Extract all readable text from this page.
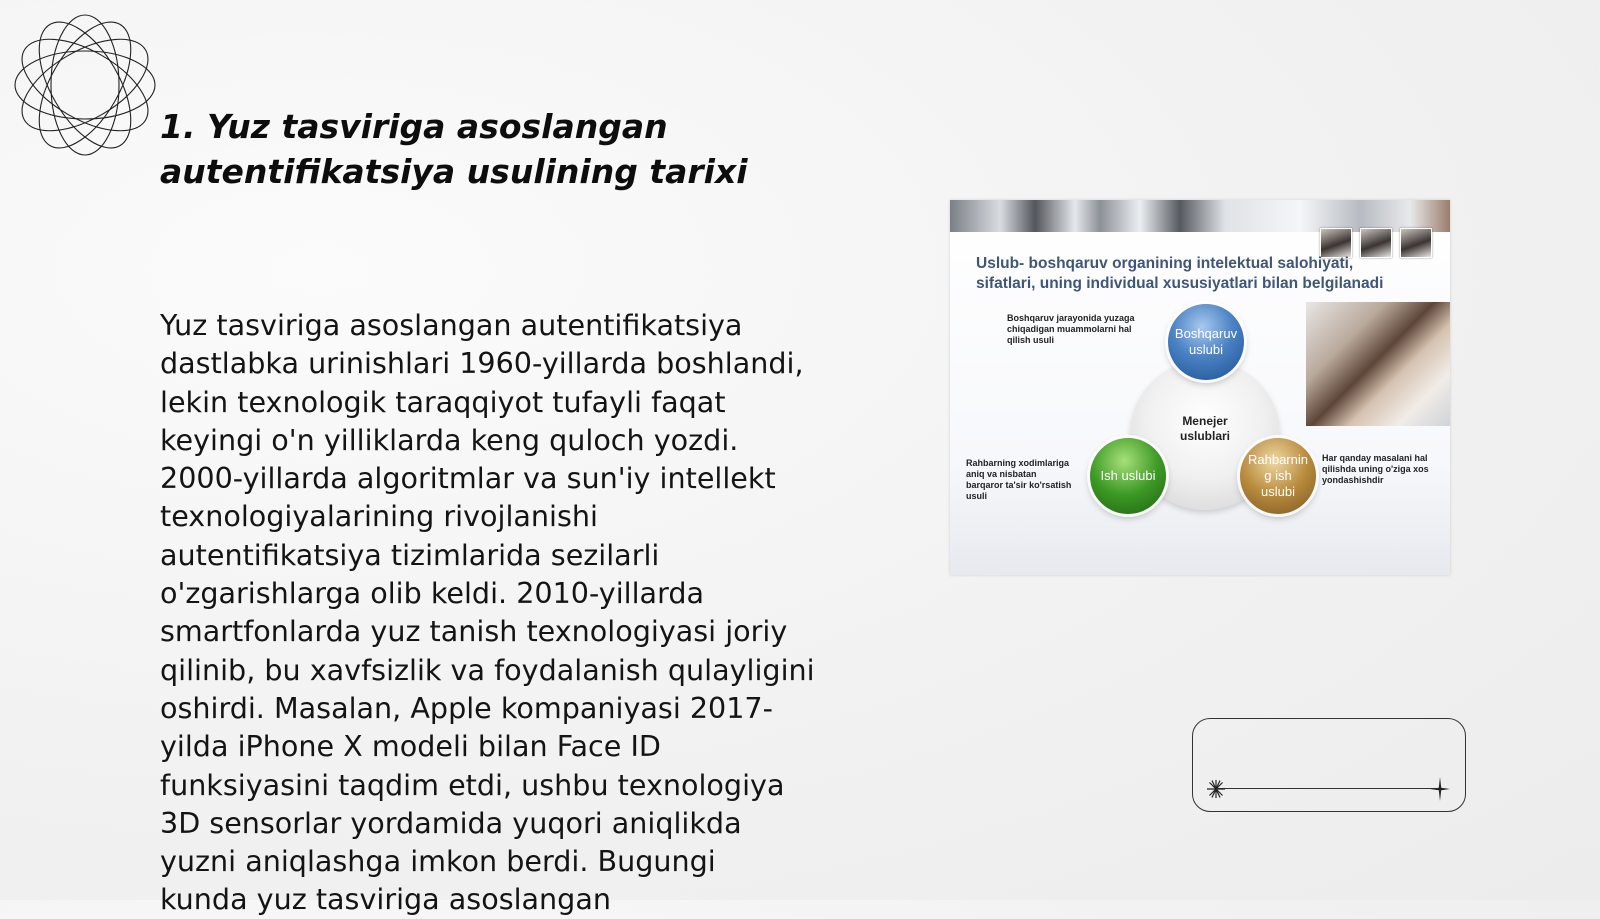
1. Yuz tasviriga asoslangan
autentifikatsiya usulining tarixi

Yuz tasviriga asoslangan autentifikatsiya
dastlabka urinishlari 1960-yillarda boshlandi,
lekin texnologik taraqqiyot tufayli faqat
keyingi o'n yilliklarda keng quloch yozdi.
2000-yillarda algoritmlar va sun'iy intellekt
texnologiyalarining rivojlanishi
autentifikatsiya tizimlarida sezilarli
o'zgarishlarga olib keldi. 2010-yillarda
smartfonlarda yuz tanish texnologiyasi joriy
qilinib, bu xavfsizlik va foydalanish qulayligini
oshirdi. Masalan, Apple kompaniyasi 2017-
yilda iPhone X modeli bilan Face ID
funksiyasini taqdim etdi, ushbu texnologiya
3D sensorlar yordamida yuqori aniqlikda
yuzni aniqlashga imkon berdi. Bugungi
kunda yuz tasviriga asoslangan

Uslub- boshqaruv organining intelektual salohiyati,
sifatlari, uning individual xususiyatlari bilan belgilanadi

Menejer
uslublari
Boshqaruv
uslubi
Ish uslubi
Rahbarnin
g ish
uslubi
Boshqaruv jarayonida yuzaga
chiqadigan muammolarni hal
qilish usuli
Rahbarning xodimlariga
aniq va nisbatan
barqaror ta'sir ko'rsatish
usuli
Har qanday masalani hal
qilishda uning o'ziga xos
yondashishdir
